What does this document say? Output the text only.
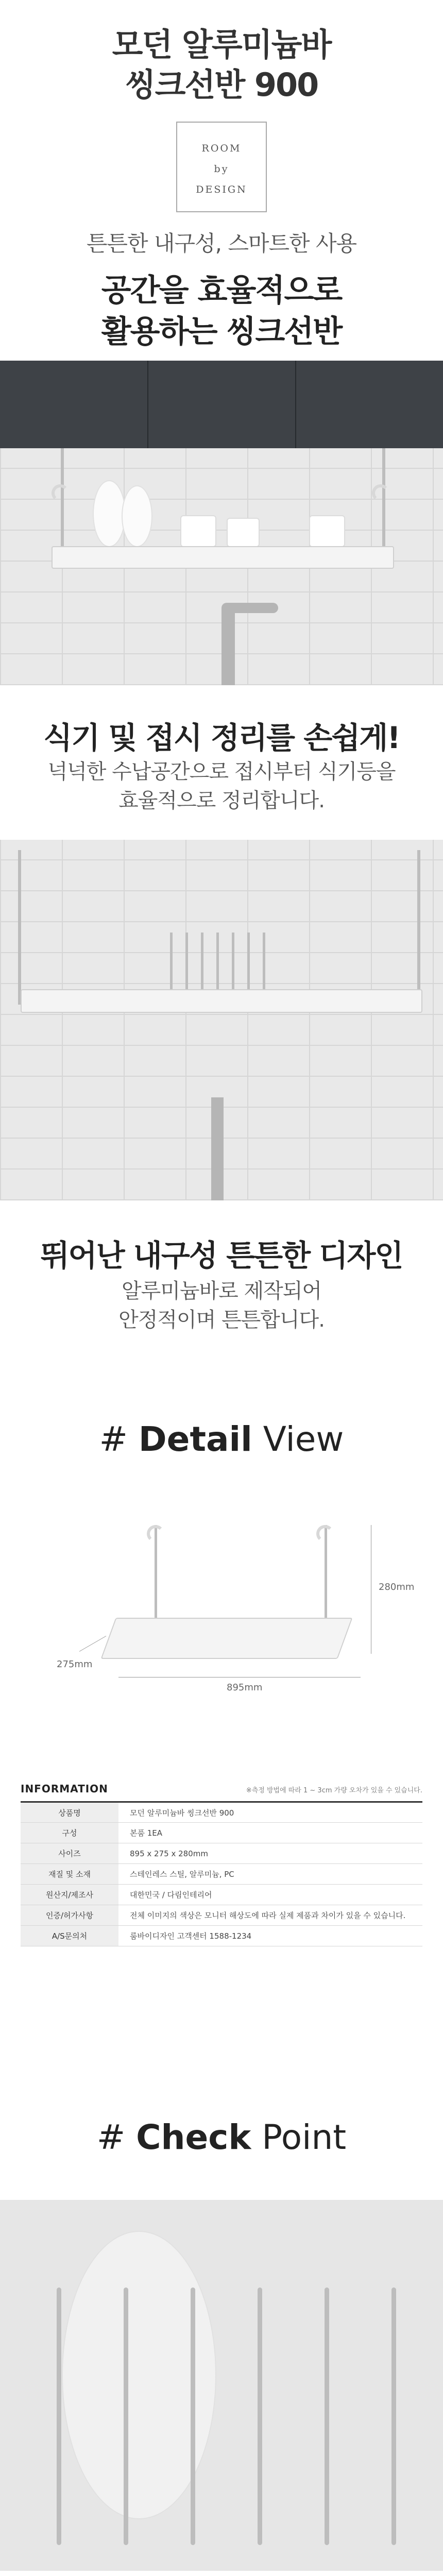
모던 알루미늄바
씽크선반 900
ROOM
by
DESIGN
튼튼한 내구성, 스마트한 사용
공간을 효율적으로
활용하는 씽크선반
식기 및 접시 정리를 손쉽게!
넉넉한 수납공간으로 접시부터 식기등을
효율적으로 정리합니다.
뛰어난 내구성 튼튼한 디자인
알루미늄바로 제작되어
안정적이며 튼튼합니다.
# Detail View
280mm
895mm
275mm
INFORMATION	※측정 방법에 따라 1 ~ 3cm 가량 오차가 있을 수 있습니다.
상품명	모던 알루미늄바 씽크선반 900
구성	본품 1EA
사이즈	895 x 275 x 280mm
재질 및 소재	스테인레스 스틸, 알루미늄, PC
원산지/제조사	대한민국 / 다림인테리어
인증/허가사항	전체 이미지의 색상은 모니터 해상도에 따라 실제 제품과 차이가 있을 수 있습니다.
A/S문의처	룸바이디자인 고객센터 1588-1234
# Check Point
